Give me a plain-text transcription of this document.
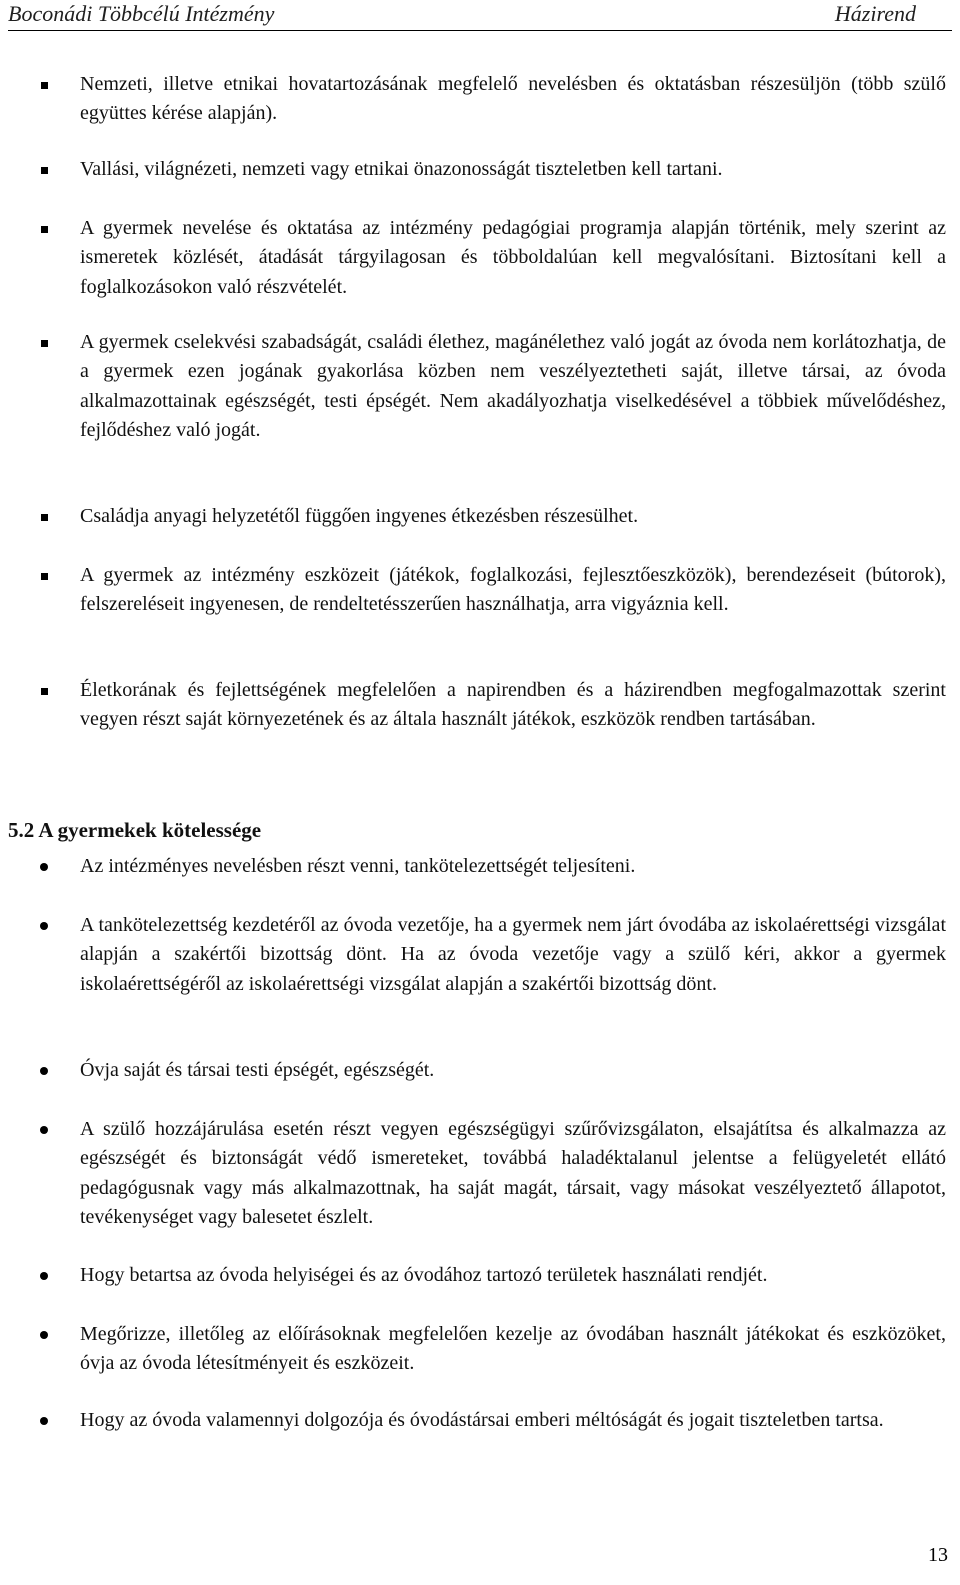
Boconádi Többcélú Intézmény	Házirend
Nemzeti, illetve etnikai hovatartozásának megfelelő nevelésben és oktatásban részesüljön (több szülő együttes kérése alapján).
Vallási, világnézeti, nemzeti vagy etnikai önazonosságát tiszteletben kell tartani.
A gyermek nevelése és oktatása az intézmény pedagógiai programja alapján történik, mely szerint az ismeretek közlését, átadását tárgyilagosan és többoldalúan kell megvalósítani. Biztosítani kell a foglalkozásokon való részvételét.
A gyermek cselekvési szabadságát, családi élethez, magánélethez való jogát az óvoda nem korlátozhatja, de a gyermek ezen jogának gyakorlása közben nem veszélyeztetheti saját, illetve társai, az óvoda alkalmazottainak egészségét, testi épségét. Nem akadályozhatja viselkedésével a többiek művelődéshez, fejlődéshez való jogát.
Családja anyagi helyzetétől függően ingyenes étkezésben részesülhet.
A gyermek az intézmény eszközeit (játékok, foglalkozási, fejlesztőeszközök), berendezéseit (bútorok), felszereléseit ingyenesen, de rendeltetésszerűen használhatja, arra vigyáznia kell.
Életkorának és fejlettségének megfelelően a napirendben és a házirendben megfogalmazottak szerint vegyen részt saját környezetének és az általa használt játékok, eszközök rendben tartásában.
5.2 A gyermekek kötelessége
Az intézményes nevelésben részt venni, tankötelezettségét teljesíteni.
A tankötelezettség kezdetéről az óvoda vezetője, ha a gyermek nem járt óvodába az iskolaérettségi vizsgálat alapján a szakértői bizottság dönt. Ha az óvoda vezetője vagy a szülő kéri, akkor a gyermek iskolaérettségéről az iskolaérettségi vizsgálat alapján a szakértői bizottság dönt.
Óvja saját és társai testi épségét, egészségét.
A szülő hozzájárulása esetén részt vegyen egészségügyi szűrővizsgálaton, elsajátítsa és alkalmazza az egészségét és biztonságát védő ismereteket, továbbá haladéktalanul jelentse a felügyeletét ellátó pedagógusnak vagy más alkalmazottnak, ha saját magát, társait, vagy másokat veszélyeztető állapotot, tevékenységet vagy balesetet észlelt.
Hogy betartsa az óvoda helyiségei és az óvodához tartozó területek használati rendjét.
Megőrizze, illetőleg az előírásoknak megfelelően kezelje az óvodában használt játékokat és eszközöket, óvja az óvoda létesítményeit és eszközeit.
Hogy az óvoda valamennyi dolgozója és óvodástársai emberi méltóságát és jogait tiszteletben tartsa.
13
